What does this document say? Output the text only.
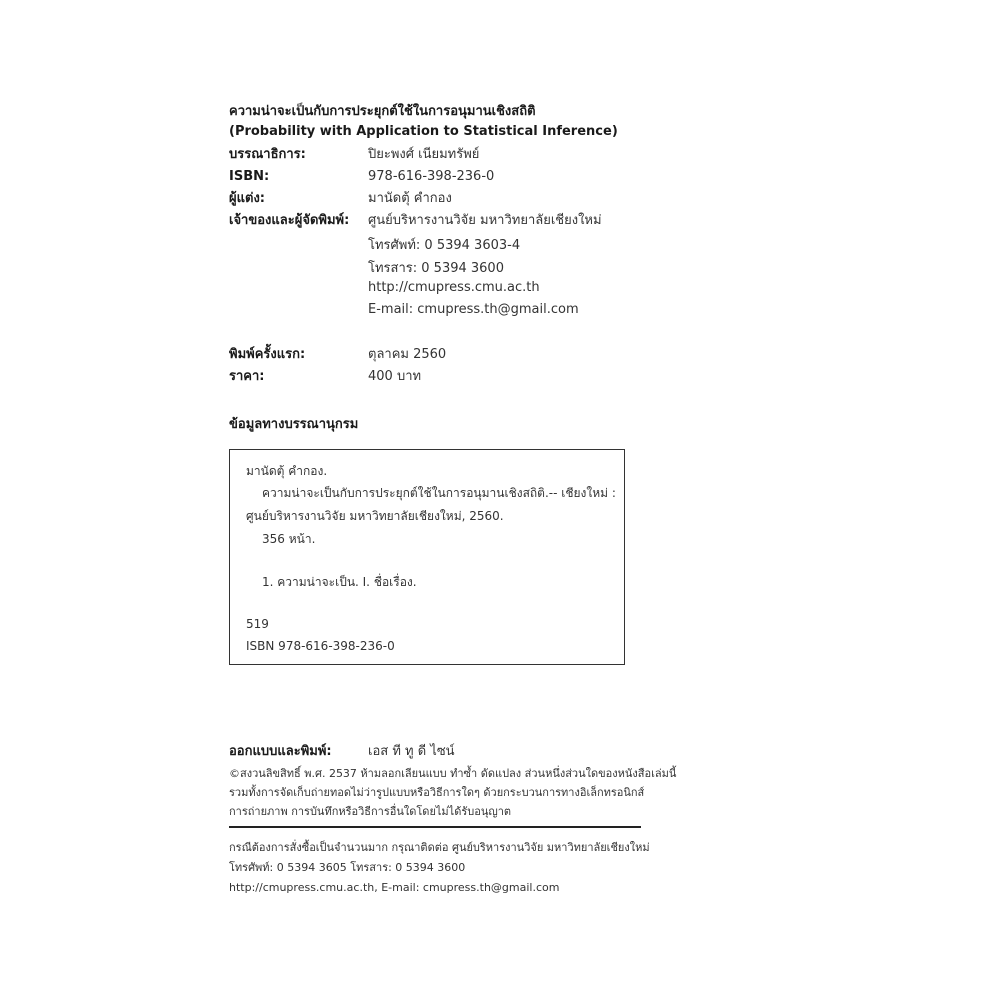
ความน่าจะเป็นกับการประยุกต์ใช้ในการอนุมานเชิงสถิติ
(Probability with Application to Statistical Inference)
บรรณาธิการ:	ปิยะพงศ์ เนียมทรัพย์
ISBN:	978-616-398-236-0
ผู้แต่ง:	มานัดตุ้ คำกอง
เจ้าของและผู้จัดพิมพ์: ศูนย์บริหารงานวิจัย มหาวิทยาลัยเชียงใหม่
โทรศัพท์: 0 5394 3603-4
โทรสาร: 0 5394 3600
http://cmupress.cmu.ac.th
E-mail: cmupress.th@gmail.com
พิมพ์ครั้งแรก:	ตุลาคม 2560
ราคา:	400 บาท
ข้อมูลทางบรรณานุกรม
มานัดตุ้ คำกอง.
ความน่าจะเป็นกับการประยุกต์ใช้ในการอนุมานเชิงสถิติ.-- เชียงใหม่ :
ศูนย์บริหารงานวิจัย มหาวิทยาลัยเชียงใหม่, 2560.
356 หน้า.
1. ความน่าจะเป็น. I. ชื่อเรื่อง.
519
ISBN 978-616-398-236-0
ออกแบบและพิมพ์:	เอส ที ทู ดี ไซน์
©สงวนลิขสิทธิ์ พ.ศ. 2537 ห้ามลอกเลียนแบบ ทำซ้ำ ดัดแปลง ส่วนหนึ่งส่วนใดของหนังสือเล่มนี้
รวมทั้งการจัดเก็บถ่ายทอดไม่ว่ารูปแบบหรือวิธีการใดๆ ด้วยกระบวนการทางอิเล็กทรอนิกส์
การถ่ายภาพ การบันทึกหรือวิธีการอื่นใดโดยไม่ได้รับอนุญาต
กรณีต้องการสั่งซื้อเป็นจำนวนมาก กรุณาติดต่อ ศูนย์บริหารงานวิจัย มหาวิทยาลัยเชียงใหม่
โทรศัพท์: 0 5394 3605 โทรสาร: 0 5394 3600
http://cmupress.cmu.ac.th, E-mail: cmupress.th@gmail.com
